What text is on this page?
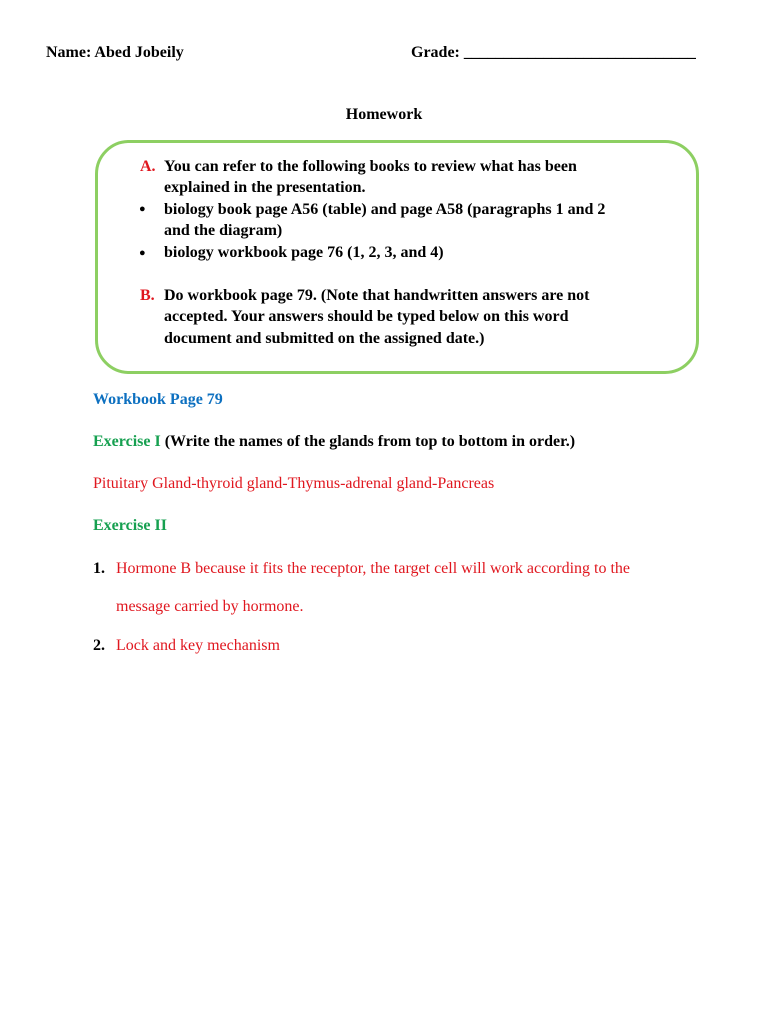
Name: Abed Jobeily	Grade: _____________________________
Homework
A. You can refer to the following books to review what has been
explained in the presentation.
● biology book page A56 (table) and page A58 (paragraphs 1 and 2
and the diagram)
● biology workbook page 76 (1, 2, 3, and 4)
B. Do workbook page 79. (Note that handwritten answers are not
accepted. Your answers should be typed below on this word
document and submitted on the assigned date.)
Workbook Page 79
Exercise I (Write the names of the glands from top to bottom in order.)
Pituitary Gland-thyroid gland-Thymus-adrenal gland-Pancreas
Exercise II
1. Hormone B because it fits the receptor, the target cell will work according to the
message carried by hormone.
2. Lock and key mechanism
